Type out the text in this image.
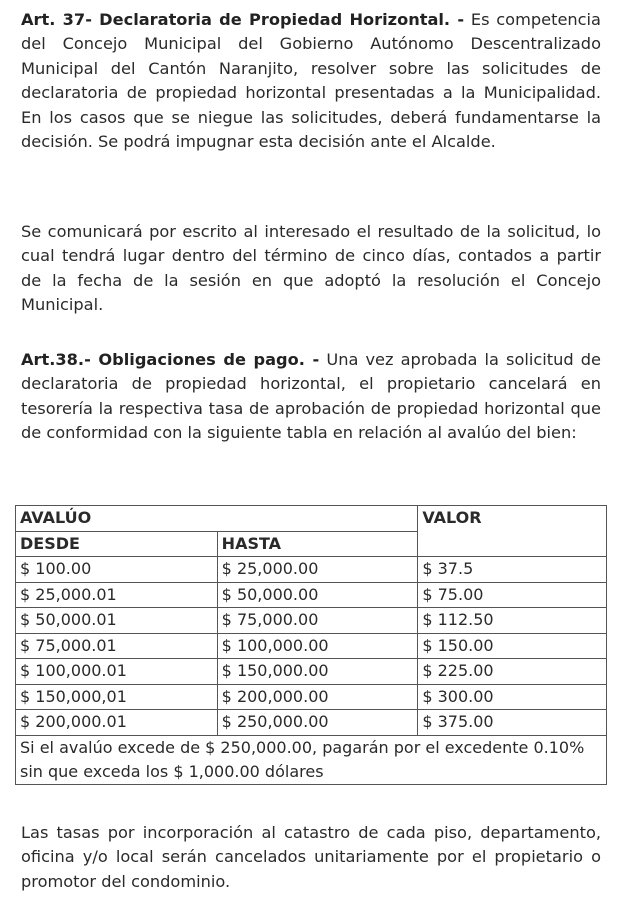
Art. 37- Declaratoria de Propiedad Horizontal. - Es competencia del Concejo Municipal del Gobierno Autónomo Descentralizado Municipal del Cantón Naranjito, resolver sobre las solicitudes de declaratoria de propiedad horizontal presentadas a la Municipalidad. En los casos que se niegue las solicitudes, deberá fundamentarse la decisión. Se podrá impugnar esta decisión ante el Alcalde.

Se comunicará por escrito al interesado el resultado de la solicitud, lo cual tendrá lugar dentro del término de cinco días, contados a partir de la fecha de la sesión en que adoptó la resolución el Concejo Municipal.

Art.38.- Obligaciones de pago. - Una vez aprobada la solicitud de declaratoria de propiedad horizontal, el propietario cancelará en tesorería la respectiva tasa de aprobación de propiedad horizontal que de conformidad con la siguiente tabla en relación al avalúo del bien:

Las tasas por incorporación al catastro de cada piso, departamento, oficina y/o local serán cancelados unitariamente por el propietario o promotor del condominio.

AVALÚO		VALOR
DESDE	HASTA	
$ 100.00	$ 25,000.00	$ 37.5
$ 25,000.01	$ 50,000.00	$ 75.00
$ 50,000.01	$ 75,000.00	$ 112.50
$ 75,000.01	$ 100,000.00	$ 150.00
$ 100,000.01	$ 150,000.00	$ 225.00
$ 150,000,01	$ 200,000.00	$ 300.00
$ 200,000.01	$ 250,000.00	$ 375.00
Si el avalúo excede de $ 250,000.00, pagarán por el excedente 0.10% sin que exceda los $ 1,000.00 dólares		
